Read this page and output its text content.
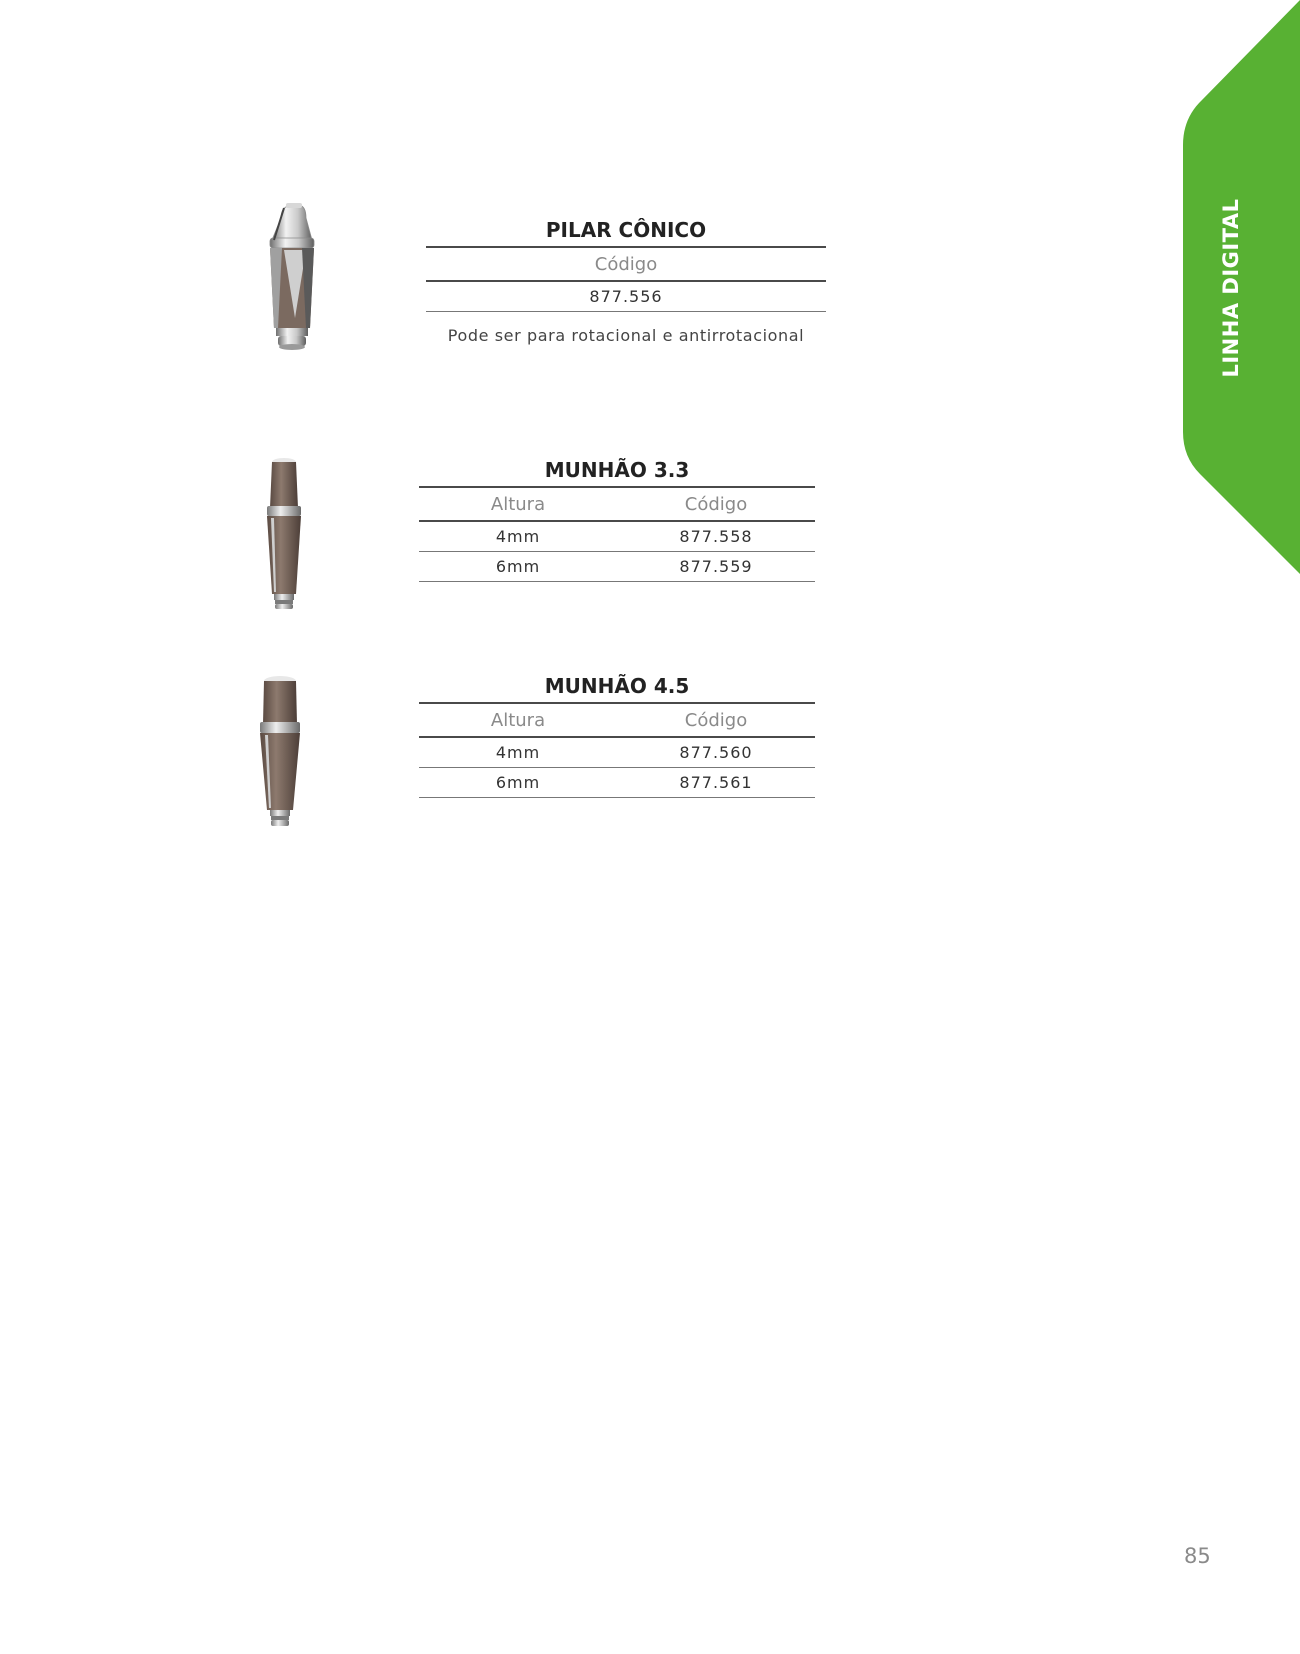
LINHA DIGITAL
PILAR CÔNICO
Código
877.556
Pode ser para rotacional e antirrotacional
MUNHÃO 3.3
Altura	Código
4mm	877.558
6mm	877.559
MUNHÃO 4.5
Altura	Código
4mm	877.560
6mm	877.561
85
